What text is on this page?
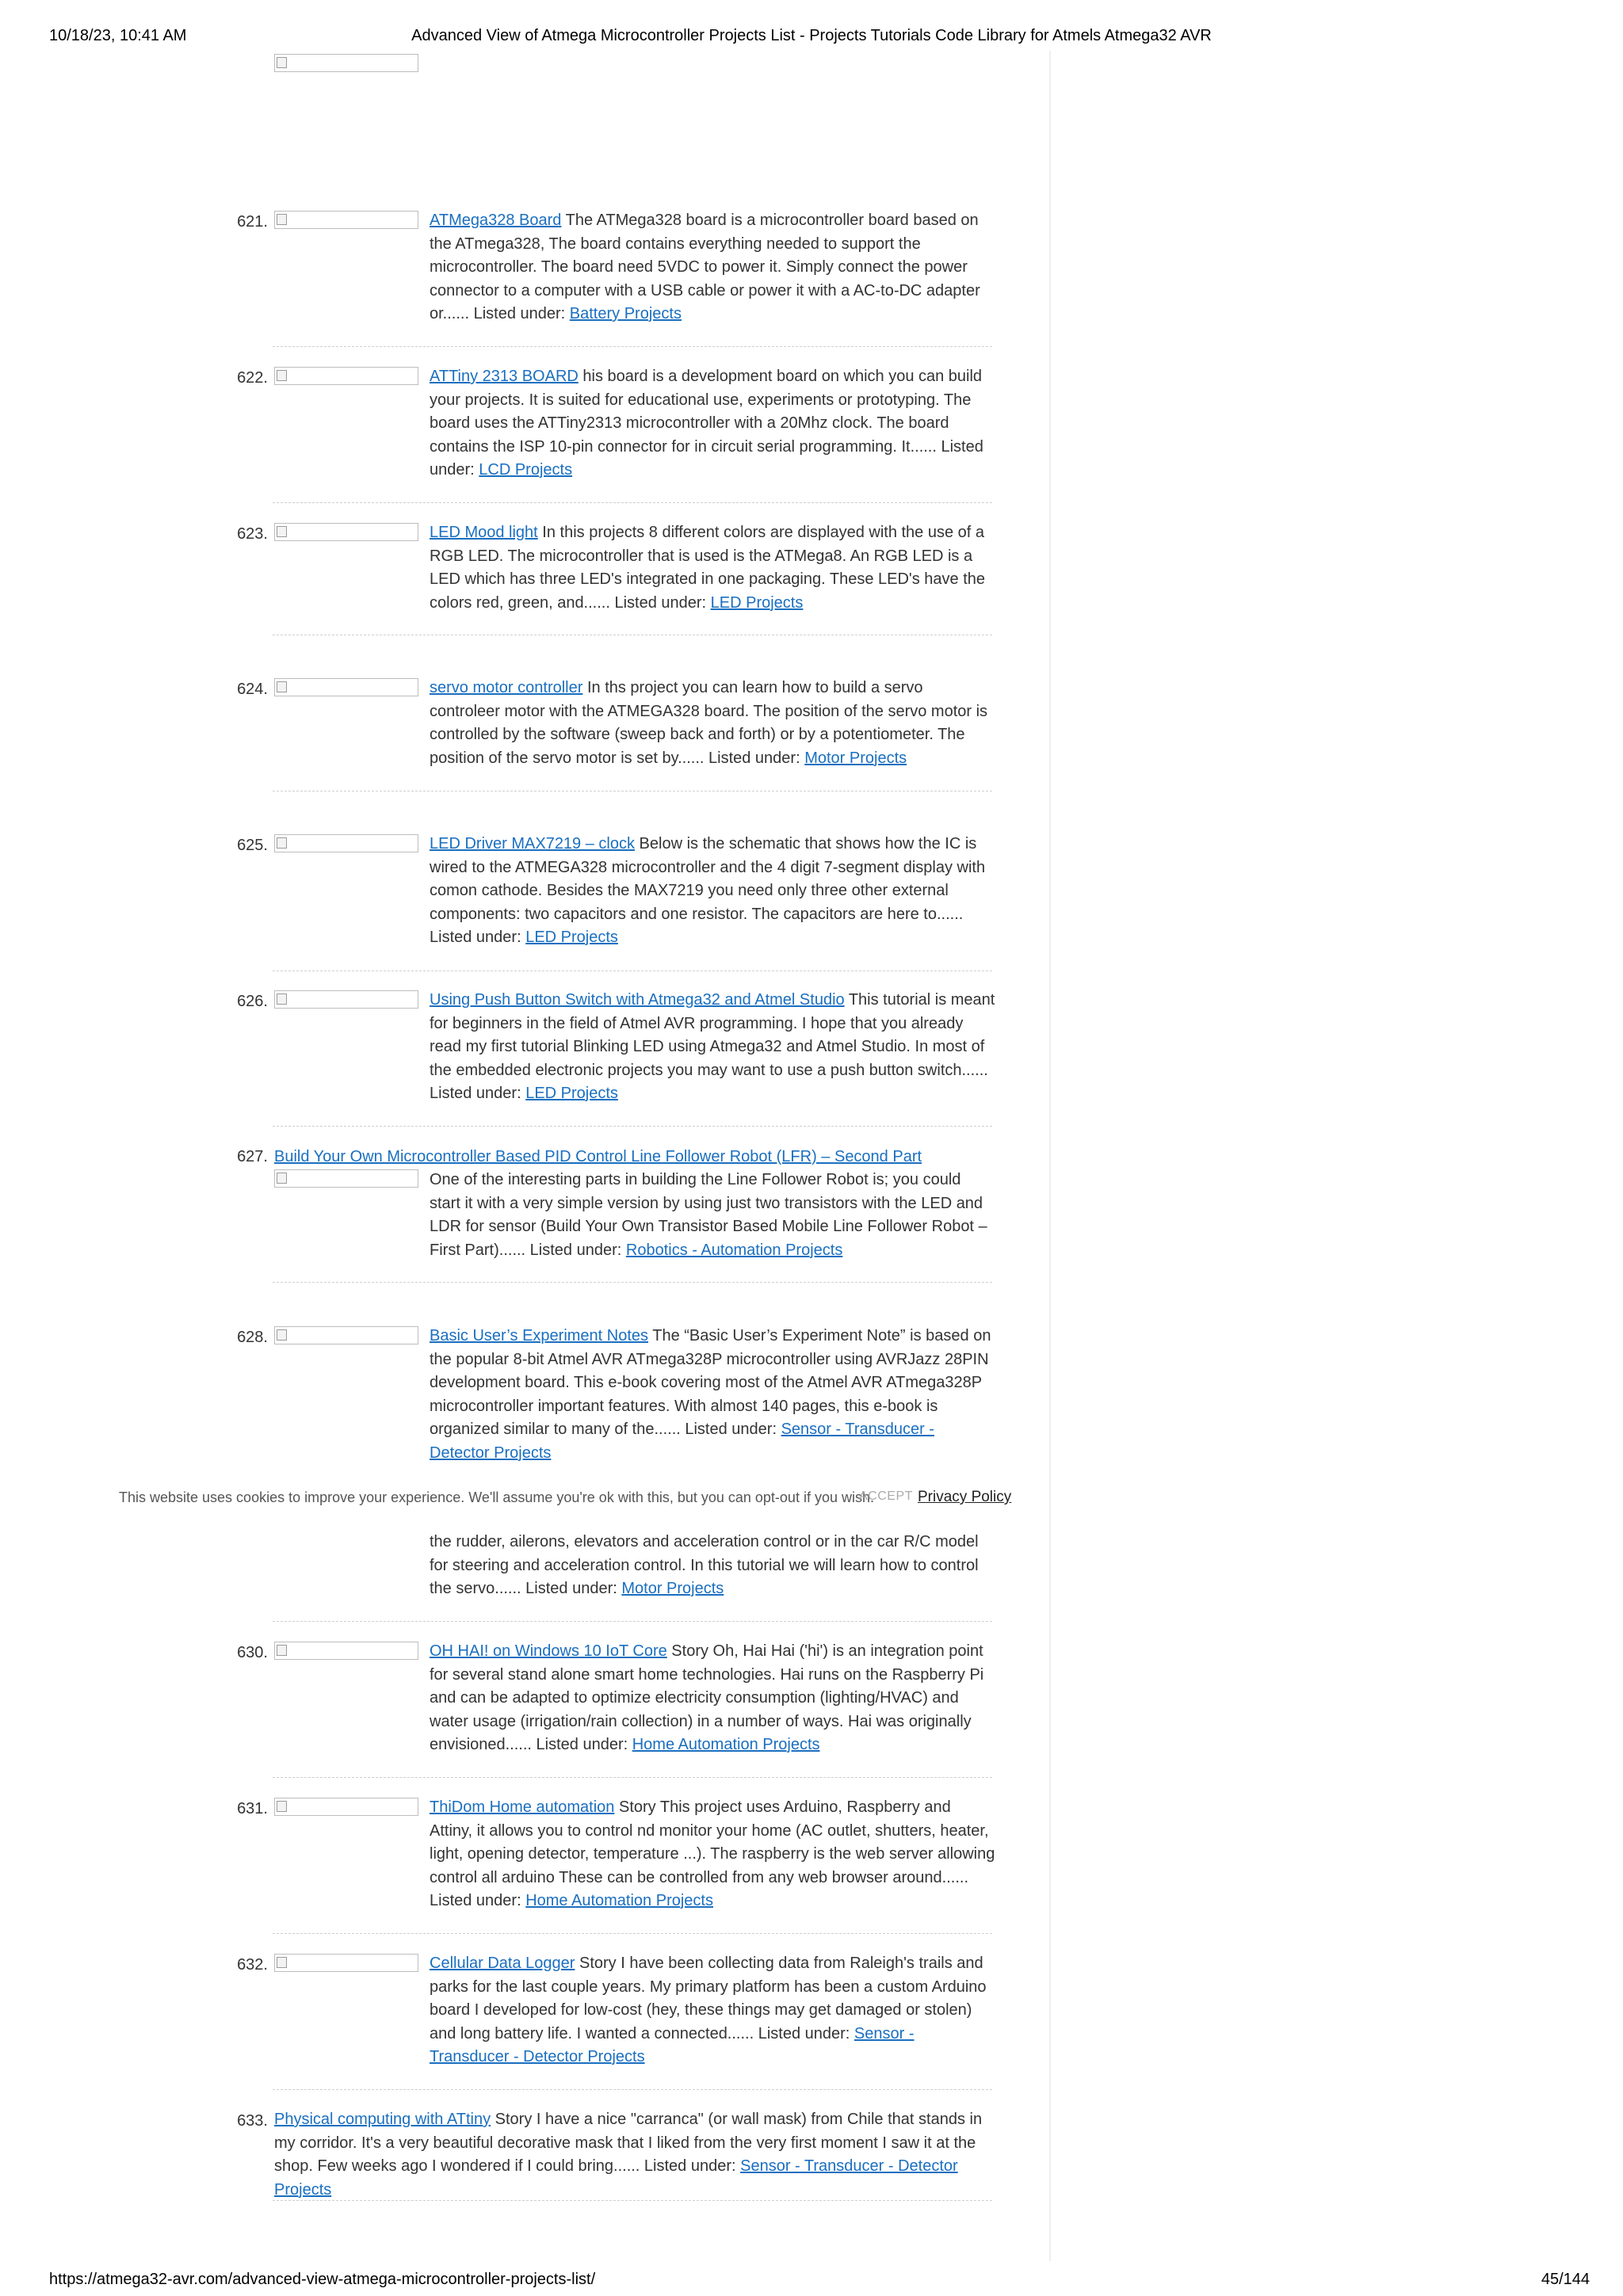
10/18/23, 10:41 AM	Advanced View of Atmega Microcontroller Projects List - Projects Tutorials Code Library for Atmels Atmega32 AVR
621.	ATMega328 Board The ATMega328 board is a microcontroller board based on the ATmega328, The board contains everything needed to support the microcontroller. The board need 5VDC to power it. Simply connect the power connector to a computer with a USB cable or power it with a AC-to-DC adapter or...... Listed under: Battery Projects
622.	ATTiny 2313 BOARD his board is a development board on which you can build your projects. It is suited for educational use, experiments or prototyping. The board uses the ATTiny2313 microcontroller with a 20Mhz clock. The board contains the ISP 10-pin connector for in circuit serial programming. It...... Listed under: LCD Projects
623.	LED Mood light In this projects 8 different colors are displayed with the use of a RGB LED. The microcontroller that is used is the ATMega8. An RGB LED is a LED which has three LED's integrated in one packaging. These LED's have the colors red, green, and...... Listed under: LED Projects
624.	servo motor controller In ths project you can learn how to build a servo controleer motor with the ATMEGA328 board. The position of the servo motor is controlled by the software (sweep back and forth) or by a potentiometer. The position of the servo motor is set by...... Listed under: Motor Projects
625.	LED Driver MAX7219 – clock Below is the schematic that shows how the IC is wired to the ATMEGA328 microcontroller and the 4 digit 7-segment display with comon cathode. Besides the MAX7219 you need only three other external components: two capacitors and one resistor. The capacitors are here to...... Listed under: LED Projects
626.	Using Push Button Switch with Atmega32 and Atmel Studio This tutorial is meant for beginners in the field of Atmel AVR programming. I hope that you already read my first tutorial Blinking LED using Atmega32 and Atmel Studio. In most of the embedded electronic projects you may want to use a push button switch...... Listed under: LED Projects
627. Build Your Own Microcontroller Based PID Control Line Follower Robot (LFR) – Second Part
One of the interesting parts in building the Line Follower Robot is; you could start it with a very simple version by using just two transistors with the LED and LDR for sensor (Build Your Own Transistor Based Mobile Line Follower Robot – First Part)...... Listed under: Robotics - Automation Projects
628.	Basic User’s Experiment Notes The “Basic User’s Experiment Note” is based on the popular 8-bit Atmel AVR ATmega328P microcontroller using AVRJazz 28PIN development board. This e-book covering most of the Atmel AVR ATmega328P microcontroller important features. With almost 140 pages, this e-book is organized similar to many of the...... Listed under: Sensor - Transducer - Detector Projects
the rudder, ailerons, elevators and acceleration control or in the car R/C model for steering and acceleration control. In this tutorial we will learn how to control the servo...... Listed under: Motor Projects
630.	OH HAI! on Windows 10 IoT Core Story Oh, Hai Hai ('hi') is an integration point for several stand alone smart home technologies. Hai runs on the Raspberry Pi and can be adapted to optimize electricity consumption (lighting/HVAC) and water usage (irrigation/rain collection) in a number of ways. Hai was originally envisioned...... Listed under: Home Automation Projects
631.	ThiDom Home automation Story This project uses Arduino, Raspberry and Attiny, it allows you to control nd monitor your home (AC outlet, shutters, heater, light, opening detector, temperature ...). The raspberry is the web server allowing control all arduino These can be controlled from any web browser around...... Listed under: Home Automation Projects
632.	Cellular Data Logger Story I have been collecting data from Raleigh's trails and parks for the last couple years. My primary platform has been a custom Arduino board I developed for low-cost (hey, these things may get damaged or stolen) and long battery life. I wanted a connected...... Listed under: Sensor - Transducer - Detector Projects
633. Physical computing with ATtiny Story I have a nice "carranca" (or wall mask) from Chile that stands in my corridor. It's a very beautiful decorative mask that I liked from the very first moment I saw it at the shop. Few weeks ago I wondered if I could bring...... Listed under: Sensor - Transducer - Detector Projects
This website uses cookies to improve your experience. We'll assume you're ok with this, but you can opt-out if you wish.
ACCEPT Privacy Policy
https://atmega32-avr.com/advanced-view-atmega-microcontroller-projects-list/	45/144
